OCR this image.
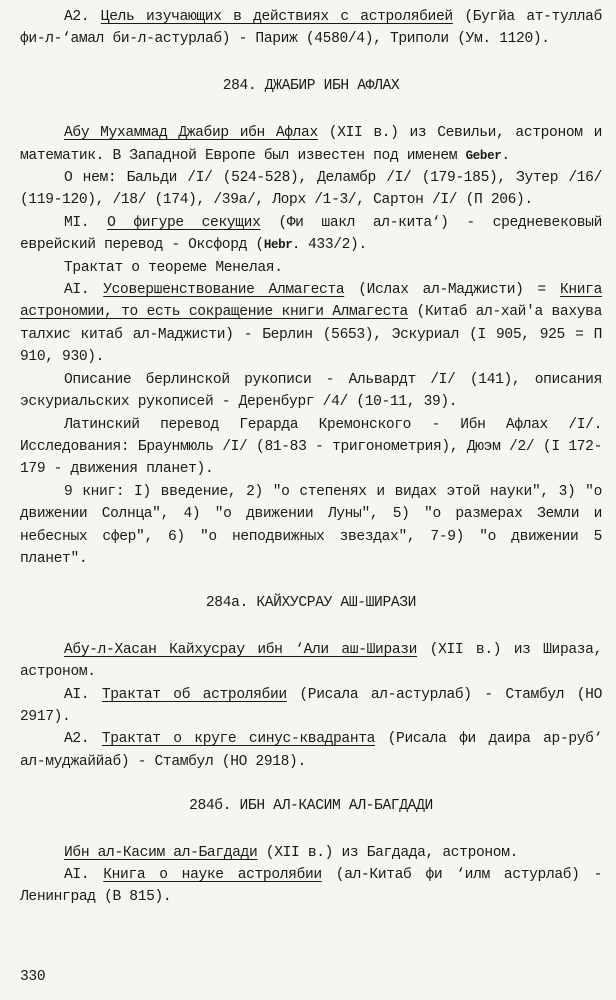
А2. Цель изучающих в действиях с астролябией (Бугйа ат-туллаб фи-л-‘амал би-л-астурлаб) - Париж (4580/4), Триполи (Ум. 1120).

284. ДЖАБИР ИБН АФЛАХ

Абу Мухаммад Джабир ибн Афлах (XII в.) из Севильи, астроном и математик. В Западной Европе был известен под именем Geber.

О нем: Бальди /I/ (524-528), Деламбр /I/ (179-185), Зутер /16/ (119-120), /18/ (174), /39а/, Лорх /1-3/, Сартон /I/ (П 206).

МI. О фигуре секущих (Фи шакл ал-кита‘) - средневековый еврейский перевод - Оксфорд (Hebr. 433/2).

Трактат о теореме Менелая.

АI. Усовершенствование Алмагеста (Ислах ал-Маджисти) = Книга астрономии, то есть сокращение книги Алмагеста (Китаб ал-хай'а вахува талхис китаб ал-Маджисти) - Берлин (5653), Эскуриал (I 905, 925 = П 910, 930).

Описание берлинской рукописи - Альвардт /I/ (141), описания эскуриальских рукописей - Деренбург /4/ (10-11, 39).

Латинский перевод Герарда Кремонского - Ибн Афлах /I/. Исследования: Браунмюль /I/ (81-83 - тригонометрия), Дюэм /2/ (I 172-179 - движения планет).

9 книг: I) введение, 2) "о степенях и видах этой науки", 3) "о движении Солнца", 4) "о движении Луны", 5) "о размерах Земли и небесных сфер", 6) "о неподвижных звездах", 7-9) "о движении 5 планет".

284а. КАЙХУСРАУ АШ-ШИРАЗИ

Абу-л-Хасан Кайхусрау ибн ‘Али аш-Ширази (XII в.) из Шираза, астроном.

АI. Трактат об астролябии (Рисала ал-астурлаб) - Стамбул (НО 2917).

А2. Трактат о круге синус-квадранта (Рисала фи даира ар-руб‘ ал-муджаййаб) - Стамбул (НО 2918).

284б. ИБН АЛ-КАСИМ АЛ-БАГДАДИ

Ибн ал-Касим ал-Багдади (XII в.) из Багдада, астроном.

АI. Книга о науке астролябии (ал-Китаб фи ‘илм астурлаб) - Ленинград (В 815).

330
